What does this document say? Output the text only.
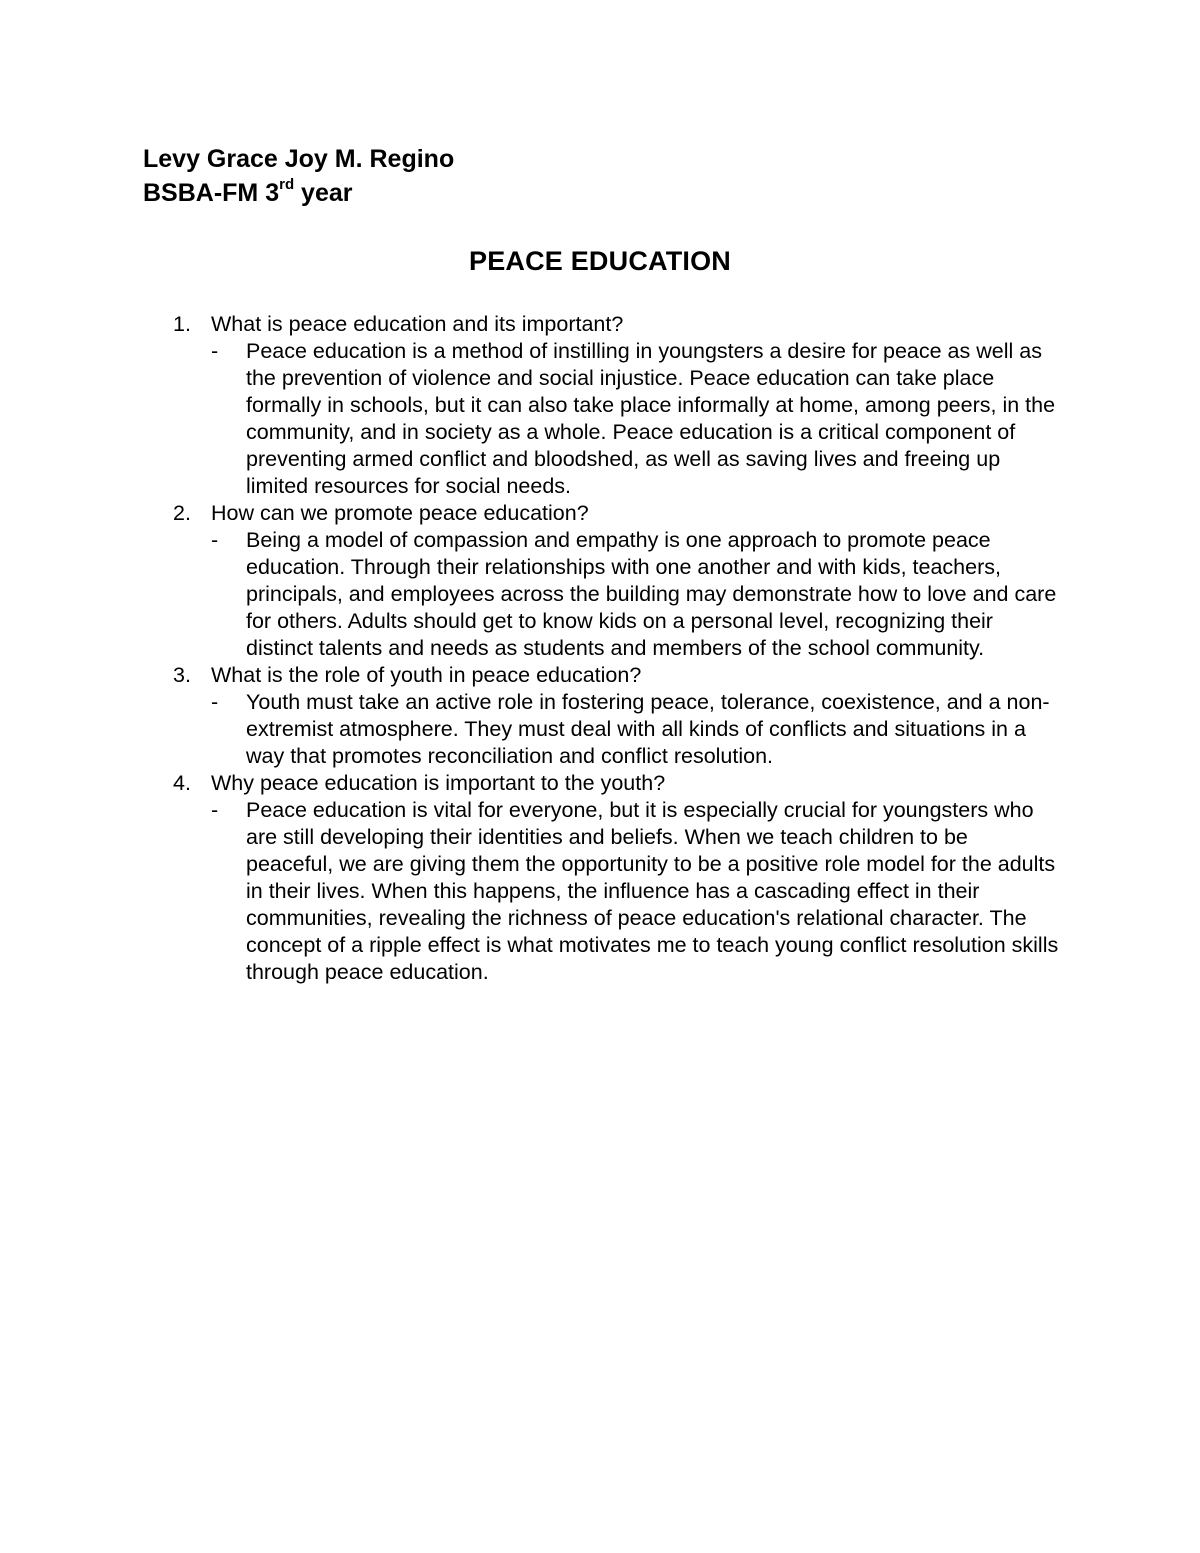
Levy Grace Joy M. Regino
BSBA-FM 3rd year
PEACE EDUCATION
1. What is peace education and its important?
- Peace education is a method of instilling in youngsters a desire for peace as well as the prevention of violence and social injustice. Peace education can take place formally in schools, but it can also take place informally at home, among peers, in the community, and in society as a whole. Peace education is a critical component of preventing armed conflict and bloodshed, as well as saving lives and freeing up limited resources for social needs.
2. How can we promote peace education?
- Being a model of compassion and empathy is one approach to promote peace education. Through their relationships with one another and with kids, teachers, principals, and employees across the building may demonstrate how to love and care for others. Adults should get to know kids on a personal level, recognizing their distinct talents and needs as students and members of the school community.
3. What is the role of youth in peace education?
- Youth must take an active role in fostering peace, tolerance, coexistence, and a non-extremist atmosphere. They must deal with all kinds of conflicts and situations in a way that promotes reconciliation and conflict resolution.
4. Why peace education is important to the youth?
- Peace education is vital for everyone, but it is especially crucial for youngsters who are still developing their identities and beliefs. When we teach children to be peaceful, we are giving them the opportunity to be a positive role model for the adults in their lives. When this happens, the influence has a cascading effect in their communities, revealing the richness of peace education's relational character. The concept of a ripple effect is what motivates me to teach young conflict resolution skills through peace education.
